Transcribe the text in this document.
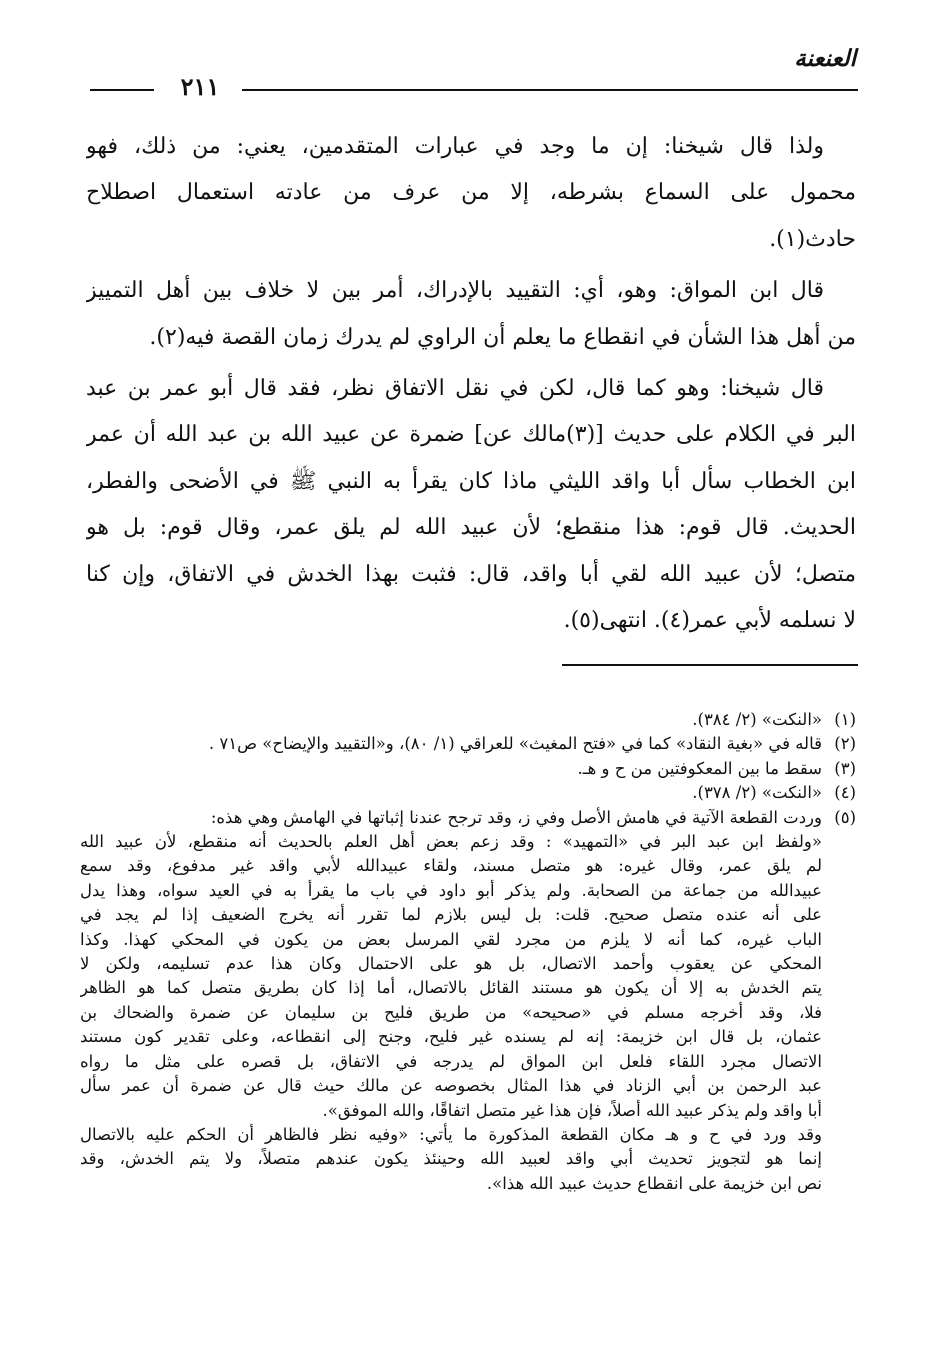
العنعنة
٢١١

ولذا قال شيخنا: إن ما وجد في عبارات المتقدمين، يعني: من ذلك، فهو
محمول على السماع بشرطه، إلا من عرف من عادته استعمال اصطلاح
حادث(١).

قال ابن المواق: وهو، أي: التقييد بالإدراك، أمر بين لا خلاف بين أهل التمييز
من أهل هذا الشأن في انقطاع ما يعلم أن الراوي لم يدرك زمان القصة فيه(٢).

قال شيخنا: وهو كما قال، لكن في نقل الاتفاق نظر، فقد قال أبو عمر بن عبد
البر في الكلام على حديث [(٣)مالك عن] ضمرة عن عبيد الله بن عبد الله أن عمر
ابن الخطاب سأل أبا واقد الليثي ماذا كان يقرأ به النبي ﷺ في الأضحى والفطر،
الحديث. قال قوم: هذا منقطع؛ لأن عبيد الله لم يلق عمر، وقال قوم: بل هو
متصل؛ لأن عبيد الله لقي أبا واقد، قال: فثبت بهذا الخدش في الاتفاق، وإن كنا
لا نسلمه لأبي عمر(٤). انتهى(٥).

(١)«النكت» (٢/ ٣٨٤).
(٢)قاله في «بغية النقاد» كما في «فتح المغيث» للعراقي (١/ ٨٠)، و«التقييد والإيضاح» ص٧١ .
(٣)سقط ما بين المعكوفتين من ح و هـ.
(٤)«النكت» (٢/ ٣٧٨).
(٥)وردت القطعة الآتية في هامش الأصل وفي ز، وقد ترجح عندنا إثباتها في الهامش وهي هذه:
«ولفظ ابن عبد البر في «التمهيد» : وقد زعم بعض أهل العلم بالحديث أنه منقطع، لأن عبيد الله
لم يلق عمر، وقال غيره: هو متصل مسند، ولقاء عبيدالله لأبي واقد غير مدفوع، وقد سمع
عبيدالله من جماعة من الصحابة. ولم يذكر أبو داود في باب ما يقرأ به في العيد سواه، وهذا يدل
على أنه عنده متصل صحيح. قلت: بل ليس بلازم لما تقرر أنه يخرج الضعيف إذا لم يجد في
الباب غيره، كما أنه لا يلزم من مجرد لقي المرسل بعض من يكون في المحكي كهذا. وكذا
المحكي عن يعقوب وأحمد الاتصال، بل هو على الاحتمال وكان هذا عدم تسليمه، ولكن لا
يتم الخدش به إلا أن يكون هو مستند القائل بالاتصال، أما إذا كان بطريق متصل كما هو الظاهر
فلا، وقد أخرجه مسلم في «صحيحه» من طريق فليح بن سليمان عن ضمرة والضحاك بن
عثمان، بل قال ابن خزيمة: إنه لم يسنده غير فليح، وجنح إلى انقطاعه، وعلى تقدير كون مستند
الاتصال مجرد اللقاء فلعل ابن المواق لم يدرجه في الاتفاق، بل قصره على مثل ما رواه
عبد الرحمن بن أبي الزناد في هذا المثال بخصوصه عن مالك حيث قال عن ضمرة أن عمر سأل
أبا واقد ولم يذكر عبيد الله أصلاً، فإن هذا غير متصل اتفاقًا، والله الموفق».
وقد ورد في ح و هـ مكان القطعة المذكورة ما يأتي: «وفيه نظر فالظاهر أن الحكم عليه بالاتصال
إنما هو لتجويز تحديث أبي واقد لعبيد الله وحينئذ يكون عندهم متصلاً، ولا يتم الخدش، وقد
نص ابن خزيمة على انقطاع حديث عبيد الله هذا».
